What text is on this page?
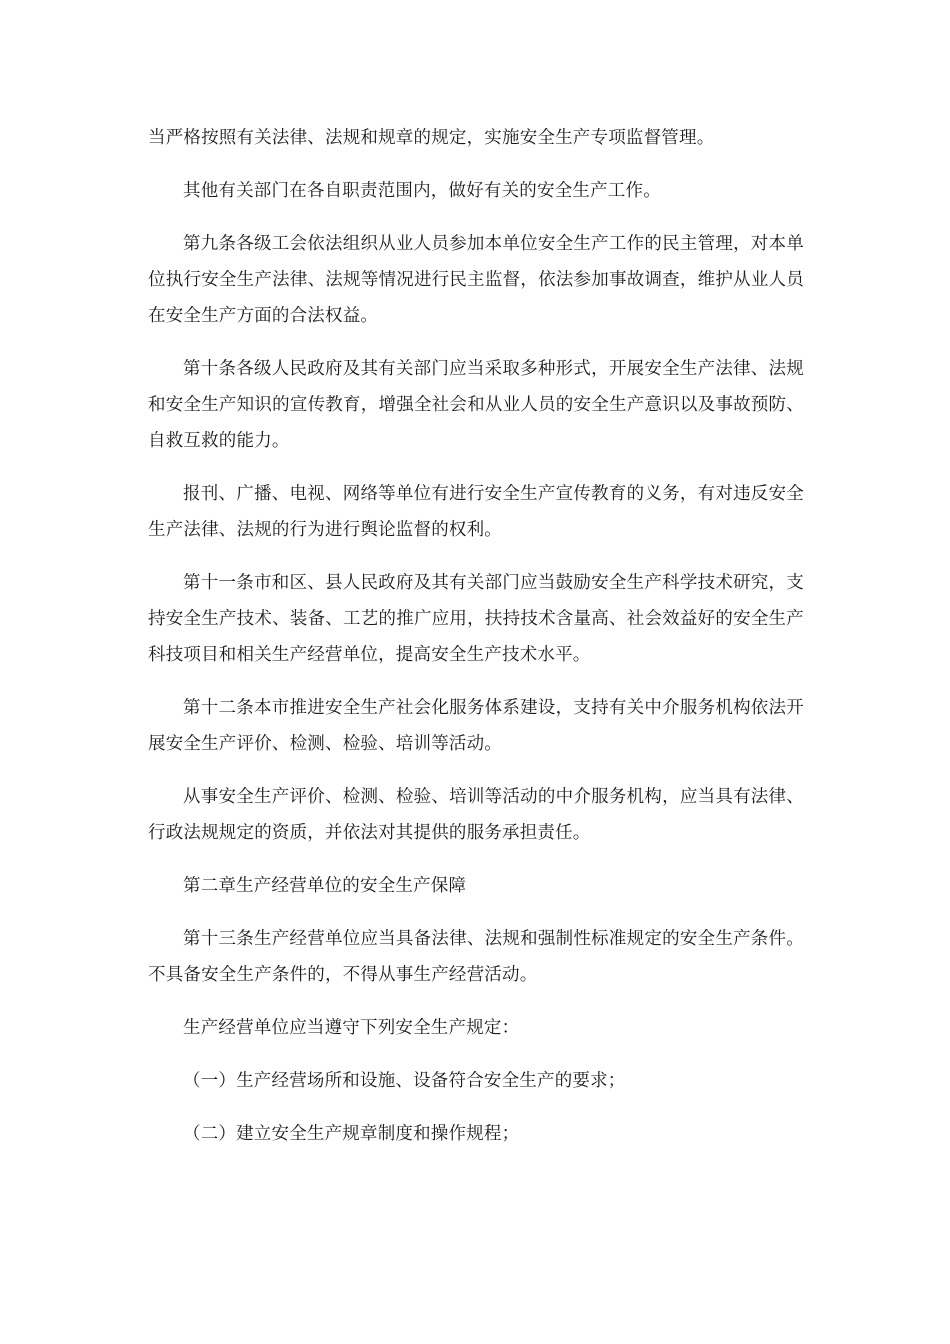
当严格按照有关法律、法规和规章的规定，实施安全生产专项监督管理。

其他有关部门在各自职责范围内，做好有关的安全生产工作。

第九条各级工会依法组织从业人员参加本单位安全生产工作的民主管理，对本单位执行安全生产法律、法规等情况进行民主监督，依法参加事故调查，维护从业人员在安全生产方面的合法权益。

第十条各级人民政府及其有关部门应当采取多种形式，开展安全生产法律、法规和安全生产知识的宣传教育，增强全社会和从业人员的安全生产意识以及事故预防、自救互救的能力。

报刊、广播、电视、网络等单位有进行安全生产宣传教育的义务，有对违反安全生产法律、法规的行为进行舆论监督的权利。

第十一条市和区、县人民政府及其有关部门应当鼓励安全生产科学技术研究，支持安全生产技术、装备、工艺的推广应用，扶持技术含量高、社会效益好的安全生产科技项目和相关生产经营单位，提高安全生产技术水平。

第十二条本市推进安全生产社会化服务体系建设，支持有关中介服务机构依法开展安全生产评价、检测、检验、培训等活动。

从事安全生产评价、检测、检验、培训等活动的中介服务机构，应当具有法律、行政法规规定的资质，并依法对其提供的服务承担责任。

第二章生产经营单位的安全生产保障

第十三条生产经营单位应当具备法律、法规和强制性标准规定的安全生产条件。不具备安全生产条件的，不得从事生产经营活动。

生产经营单位应当遵守下列安全生产规定：

（一）生产经营场所和设施、设备符合安全生产的要求；

（二）建立安全生产规章制度和操作规程；
